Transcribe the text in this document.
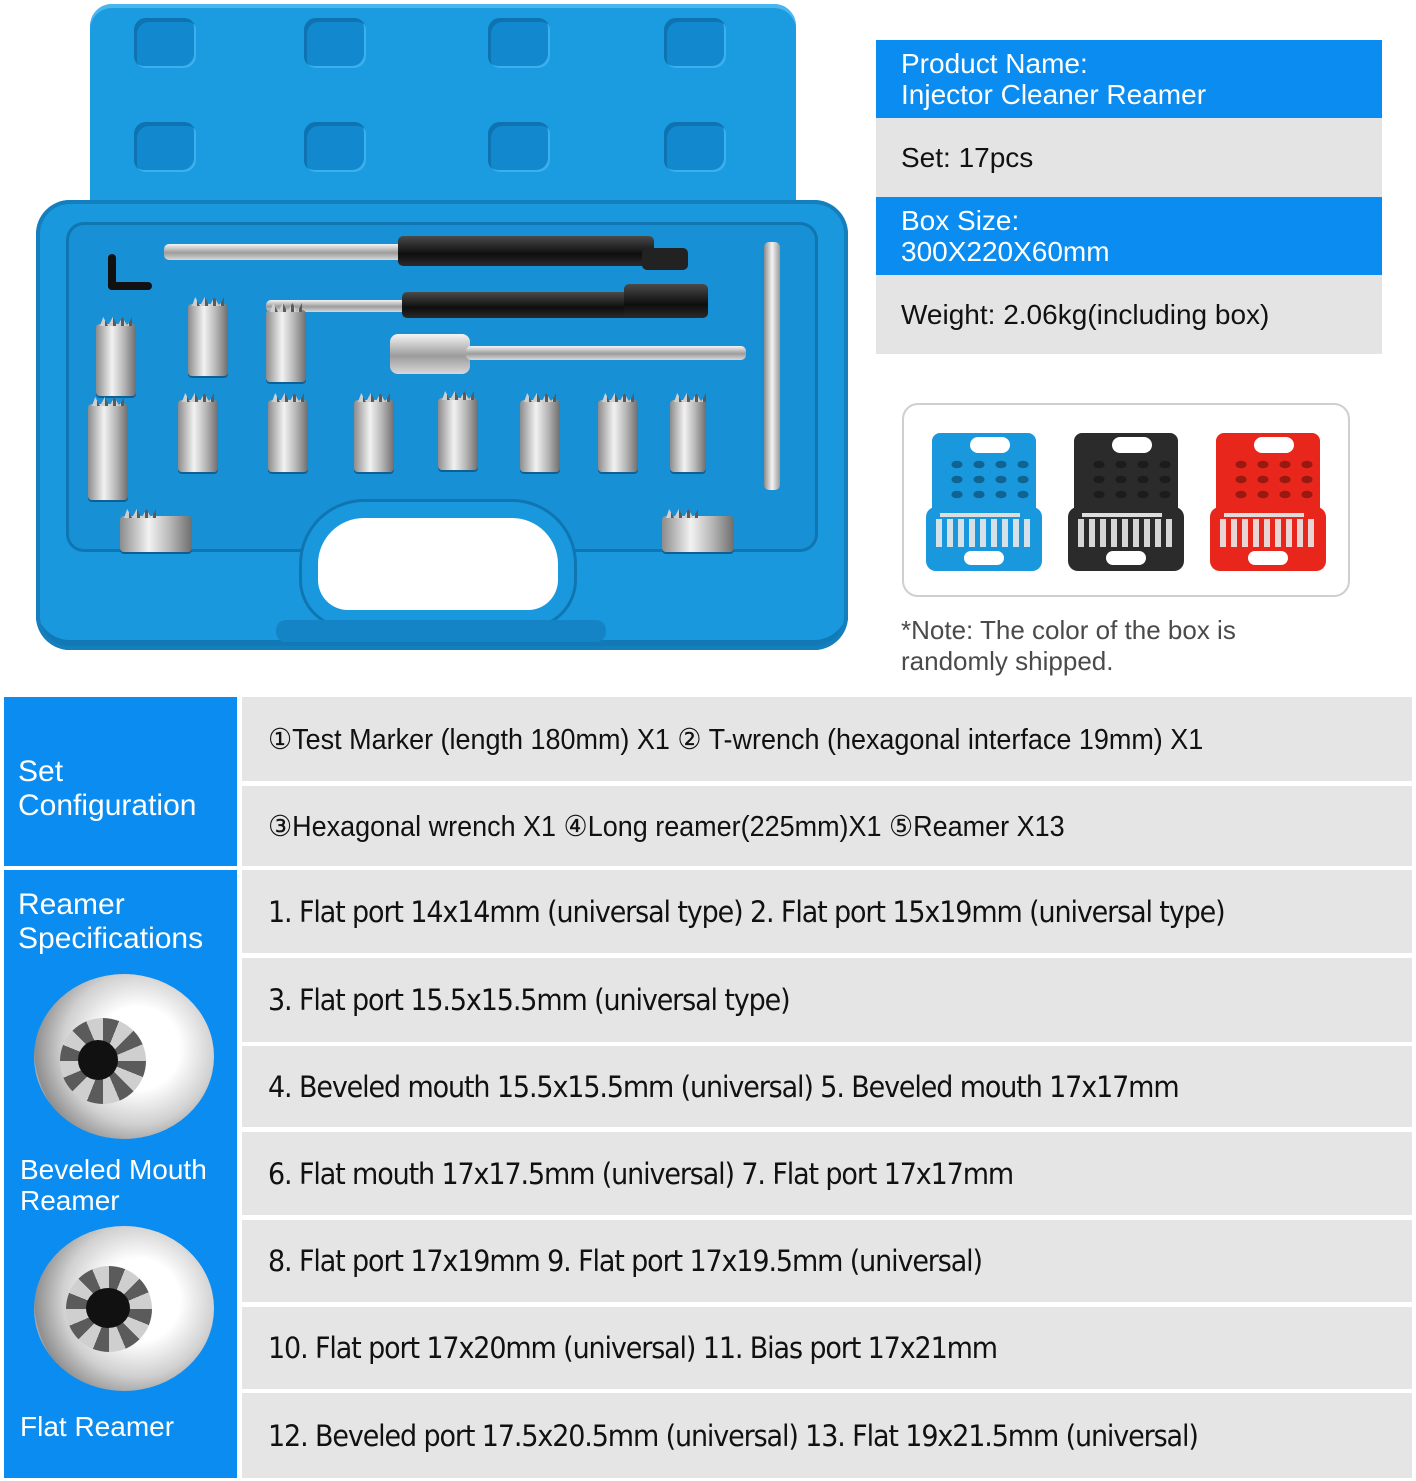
Product Name:
Injector Cleaner Reamer
Set: 17pcs
Box Size:
300X220X60mm
Weight: 2.06kg(including box)
*Note: The color of the box is randomly shipped.
Set Configuration
①Test Marker (length 180mm) X1 ② T-wrench (hexagonal interface 19mm) X1
③Hexagonal wrench X1 ④Long reamer(225mm)X1 ⑤Reamer X13
Reamer Specifications
Beveled Mouth Reamer
Flat Reamer
1. Flat port 14x14mm (universal type) 2. Flat port 15x19mm (universal type)
3. Flat port 15.5x15.5mm (universal type)
4. Beveled mouth 15.5x15.5mm (universal) 5. Beveled mouth 17x17mm
6. Flat mouth 17x17.5mm (universal) 7. Flat port 17x17mm
8. Flat port 17x19mm 9. Flat port 17x19.5mm (universal)
10. Flat port 17x20mm (universal) 11. Bias port 17x21mm
12. Beveled port 17.5x20.5mm (universal) 13. Flat 19x21.5mm (universal)
